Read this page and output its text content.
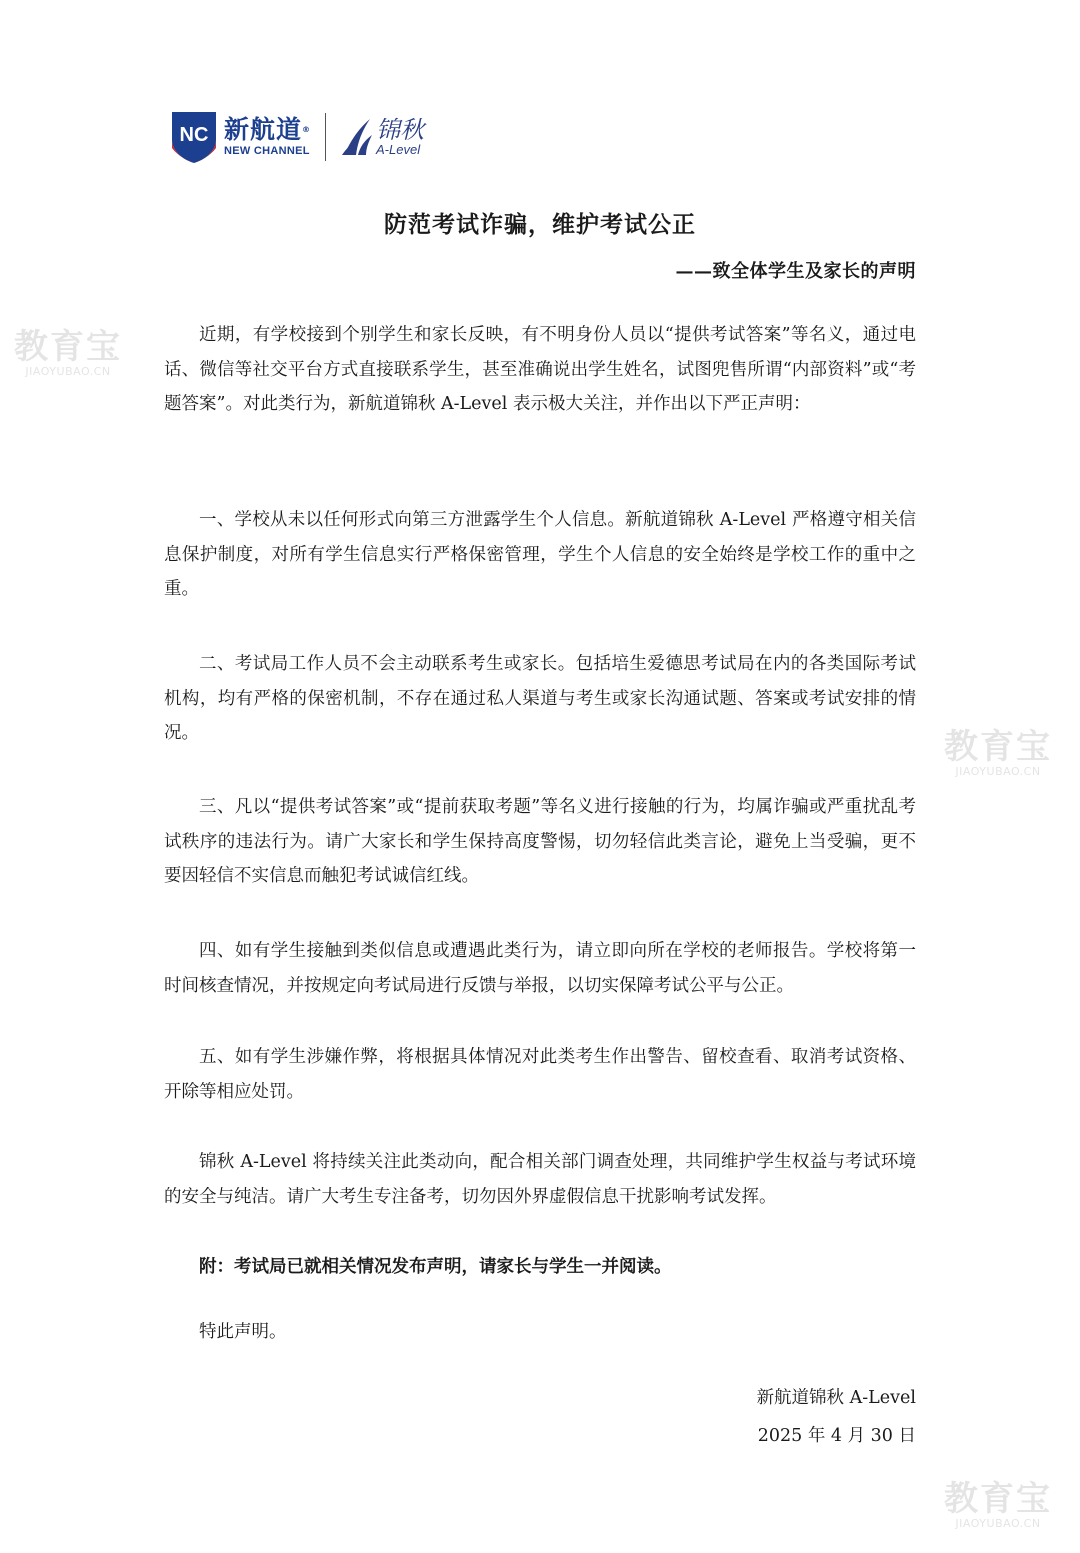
NC 新航道®
NEW CHANNEL
锦秋
A-Level
教育宝
JIAOYUBAO.CN
教育宝
JIAOYUBAO.CN
教育宝
JIAOYUBAO.CN
防范考试诈骗，维护考试公正
——致全体学生及家长的声明

近期，有学校接到个别学生和家长反映，有不明身份人员以“提供考试答案”等名义，通过电话、微信等社交平台方式直接联系学生，甚至准确说出学生姓名，试图兜售所谓“内部资料”或“考题答案”。对此类行为，新航道锦秋 A-Level 表示极大关注，并作出以下严正声明：

一、学校从未以任何形式向第三方泄露学生个人信息。新航道锦秋 A-Level 严格遵守相关信息保护制度，对所有学生信息实行严格保密管理，学生个人信息的安全始终是学校工作的重中之重。

二、考试局工作人员不会主动联系考生或家长。包括培生爱德思考试局在内的各类国际考试机构，均有严格的保密机制，不存在通过私人渠道与考生或家长沟通试题、答案或考试安排的情况。

三、凡以“提供考试答案”或“提前获取考题”等名义进行接触的行为，均属诈骗或严重扰乱考试秩序的违法行为。请广大家长和学生保持高度警惕，切勿轻信此类言论，避免上当受骗，更不要因轻信不实信息而触犯考试诚信红线。

四、如有学生接触到类似信息或遭遇此类行为，请立即向所在学校的老师报告。学校将第一时间核查情况，并按规定向考试局进行反馈与举报，以切实保障考试公平与公正。

五、如有学生涉嫌作弊，将根据具体情况对此类考生作出警告、留校查看、取消考试资格、开除等相应处罚。

锦秋 A-Level 将持续关注此类动向，配合相关部门调查处理，共同维护学生权益与考试环境的安全与纯洁。请广大考生专注备考，切勿因外界虚假信息干扰影响考试发挥。

附：考试局已就相关情况发布声明，请家长与学生一并阅读。

特此声明。

新航道锦秋 A-Level
2025 年 4 月 30 日
